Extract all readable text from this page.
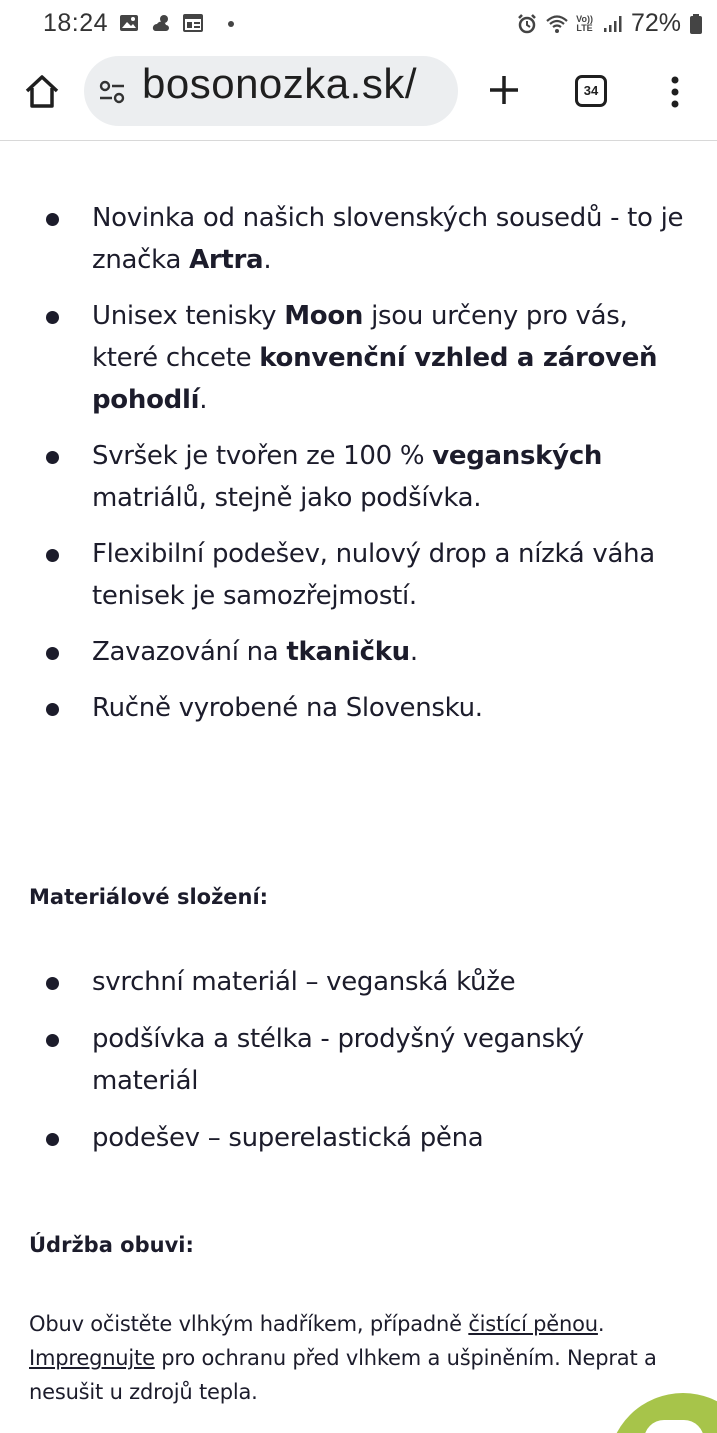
18:24	Vo))
LTE 72%
bosonozka.sk/	34
Novinka od našich slovenských sousedů - to je značka Artra.
Unisex tenisky Moon jsou určeny pro vás, které chcete konvenční vzhled a zároveň pohodlí.
Svršek je tvořen ze 100 % veganských matriálů, stejně jako podšívka.
Flexibilní podešev, nulový drop a nízká váha tenisek je samozřejmostí.
Zavazování na tkaničku.
Ručně vyrobené na Slovensku.
Materiálové složení:
svrchní materiál – veganská kůže
podšívka a stélka - prodyšný veganský materiál
podešev – superelastická pěna
Údržba obuvi:

Obuv očistěte vlhkým hadříkem, případně čistící pěnou. Impregnujte pro ochranu před vlhkem a ušpiněním. Neprat a nesušit u zdrojů tepla.
